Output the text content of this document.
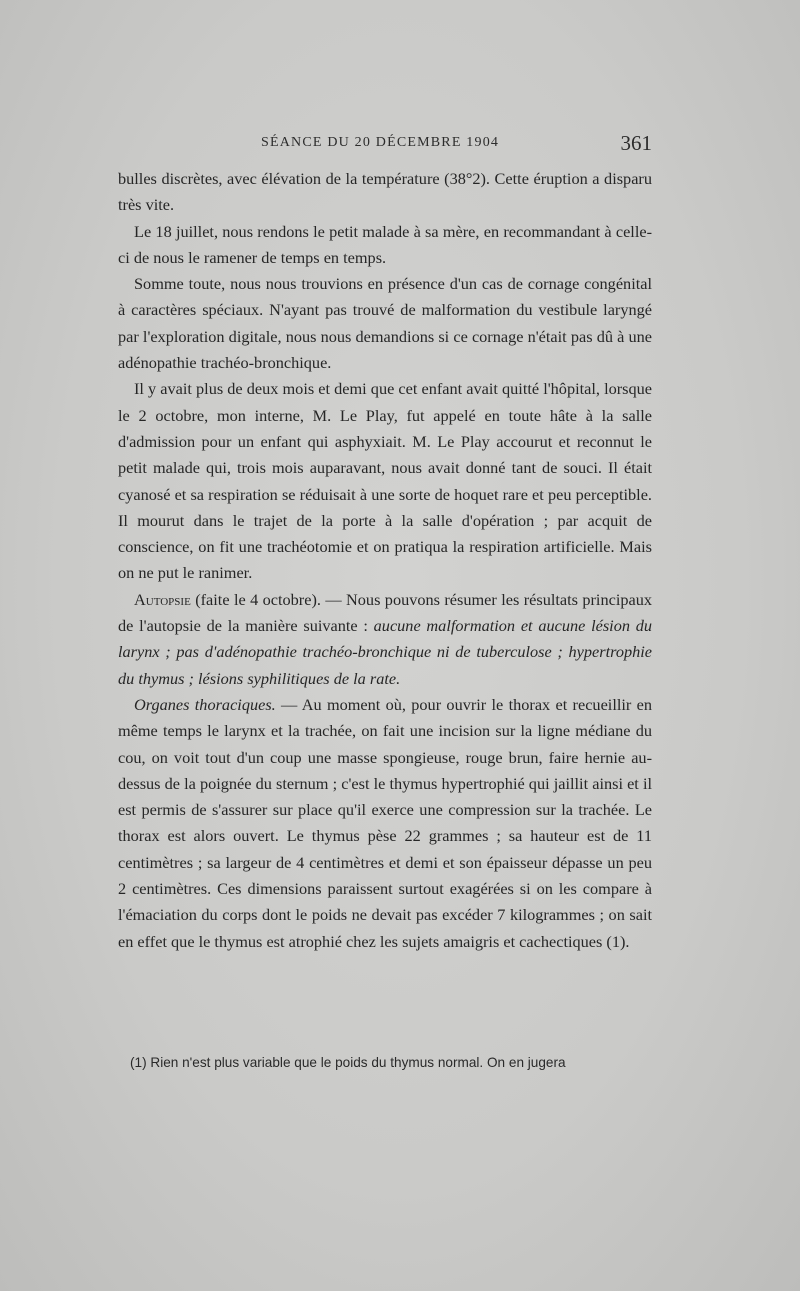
SÉANCE DU 20 DÉCEMBRE 1904	361

bulles discrètes, avec élévation de la température (38°2). Cette éruption a disparu très vite.

Le 18 juillet, nous rendons le petit malade à sa mère, en recommandant à celle-ci de nous le ramener de temps en temps.

Somme toute, nous nous trouvions en présence d'un cas de cornage congénital à caractères spéciaux. N'ayant pas trouvé de malformation du vestibule laryngé par l'exploration digitale, nous nous demandions si ce cornage n'était pas dû à une adénopathie trachéo-bronchique.

Il y avait plus de deux mois et demi que cet enfant avait quitté l'hôpital, lorsque le 2 octobre, mon interne, M. Le Play, fut appelé en toute hâte à la salle d'admission pour un enfant qui asphyxiait. M. Le Play accourut et reconnut le petit malade qui, trois mois auparavant, nous avait donné tant de souci. Il était cyanosé et sa respiration se réduisait à une sorte de hoquet rare et peu perceptible. Il mourut dans le trajet de la porte à la salle d'opération ; par acquit de conscience, on fit une trachéotomie et on pratiqua la respiration artificielle. Mais on ne put le ranimer.

Autopsie (faite le 4 octobre). — Nous pouvons résumer les résultats principaux de l'autopsie de la manière suivante : aucune malformation et aucune lésion du larynx ; pas d'adénopathie trachéo-bronchique ni de tuberculose ; hypertrophie du thymus ; lésions syphilitiques de la rate.

Organes thoraciques. — Au moment où, pour ouvrir le thorax et recueillir en même temps le larynx et la trachée, on fait une incision sur la ligne médiane du cou, on voit tout d'un coup une masse spongieuse, rouge brun, faire hernie au-dessus de la poignée du sternum ; c'est le thymus hypertrophié qui jaillit ainsi et il est permis de s'assurer sur place qu'il exerce une compression sur la trachée. Le thorax est alors ouvert. Le thymus pèse 22 grammes ; sa hauteur est de 11 centimètres ; sa largeur de 4 centimètres et demi et son épaisseur dépasse un peu 2 centimètres. Ces dimensions paraissent surtout exagérées si on les compare à l'émaciation du corps dont le poids ne devait pas excéder 7 kilogrammes ; on sait en effet que le thymus est atrophié chez les sujets amaigris et cachectiques (1).

(1) Rien n'est plus variable que le poids du thymus normal. On en jugera
